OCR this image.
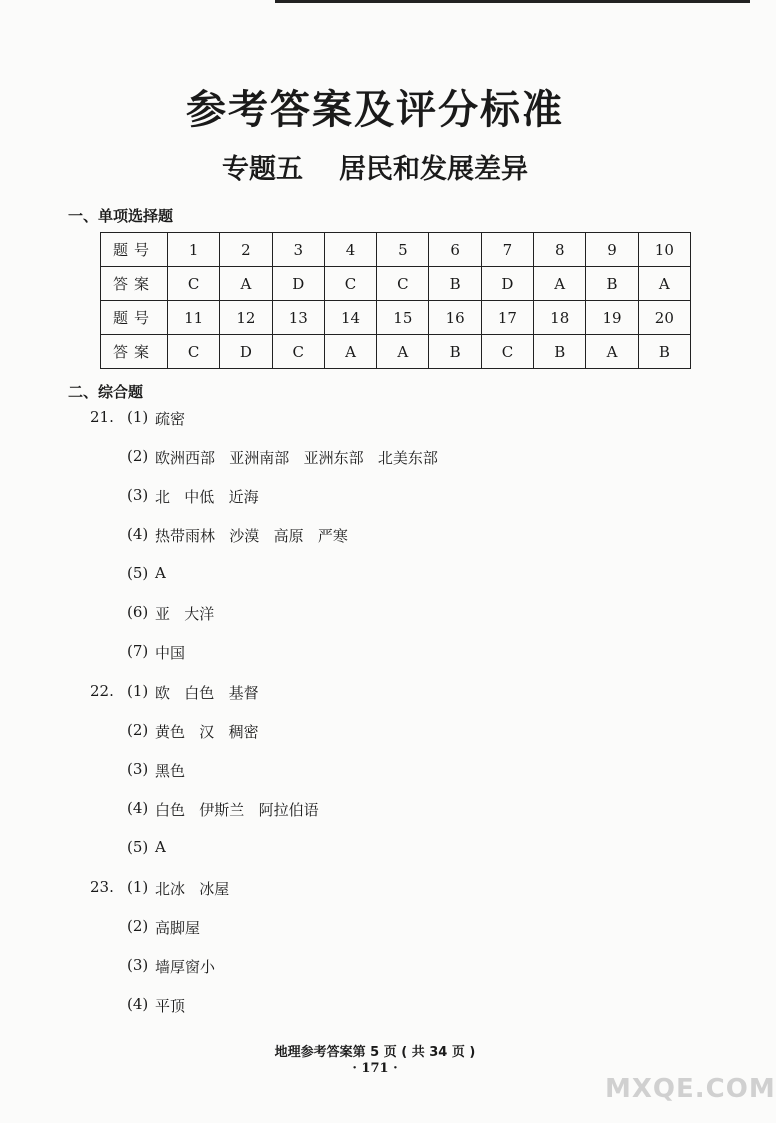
参考答案及评分标准
专题五 居民和发展差异
一、单项选择题
题号	1	2	3	4	5	6	7	8	9	10
答案	C	A	D	C	C	B	D	A	B	A
题号	11	12	13	14	15	16	17	18	19	20
答案	C	D	C	A	A	B	C	B	A	B
二、综合题
21. (1) 疏密
(2) 欧洲西部   亚洲南部   亚洲东部   北美东部
(3) 北   中低   近海
(4) 热带雨林   沙漠   高原   严寒
(5) A
(6) 亚   大洋
(7) 中国
22. (1) 欧   白色   基督
(2) 黄色   汉   稠密
(3) 黑色
(4) 白色   伊斯兰   阿拉伯语
(5) A
23. (1) 北冰   冰屋
(2) 高脚屋
(3) 墙厚窗小
(4) 平顶
地理参考答案第 5 页 ( 共 34 页 )
· 171 ·
MXQE.COM
